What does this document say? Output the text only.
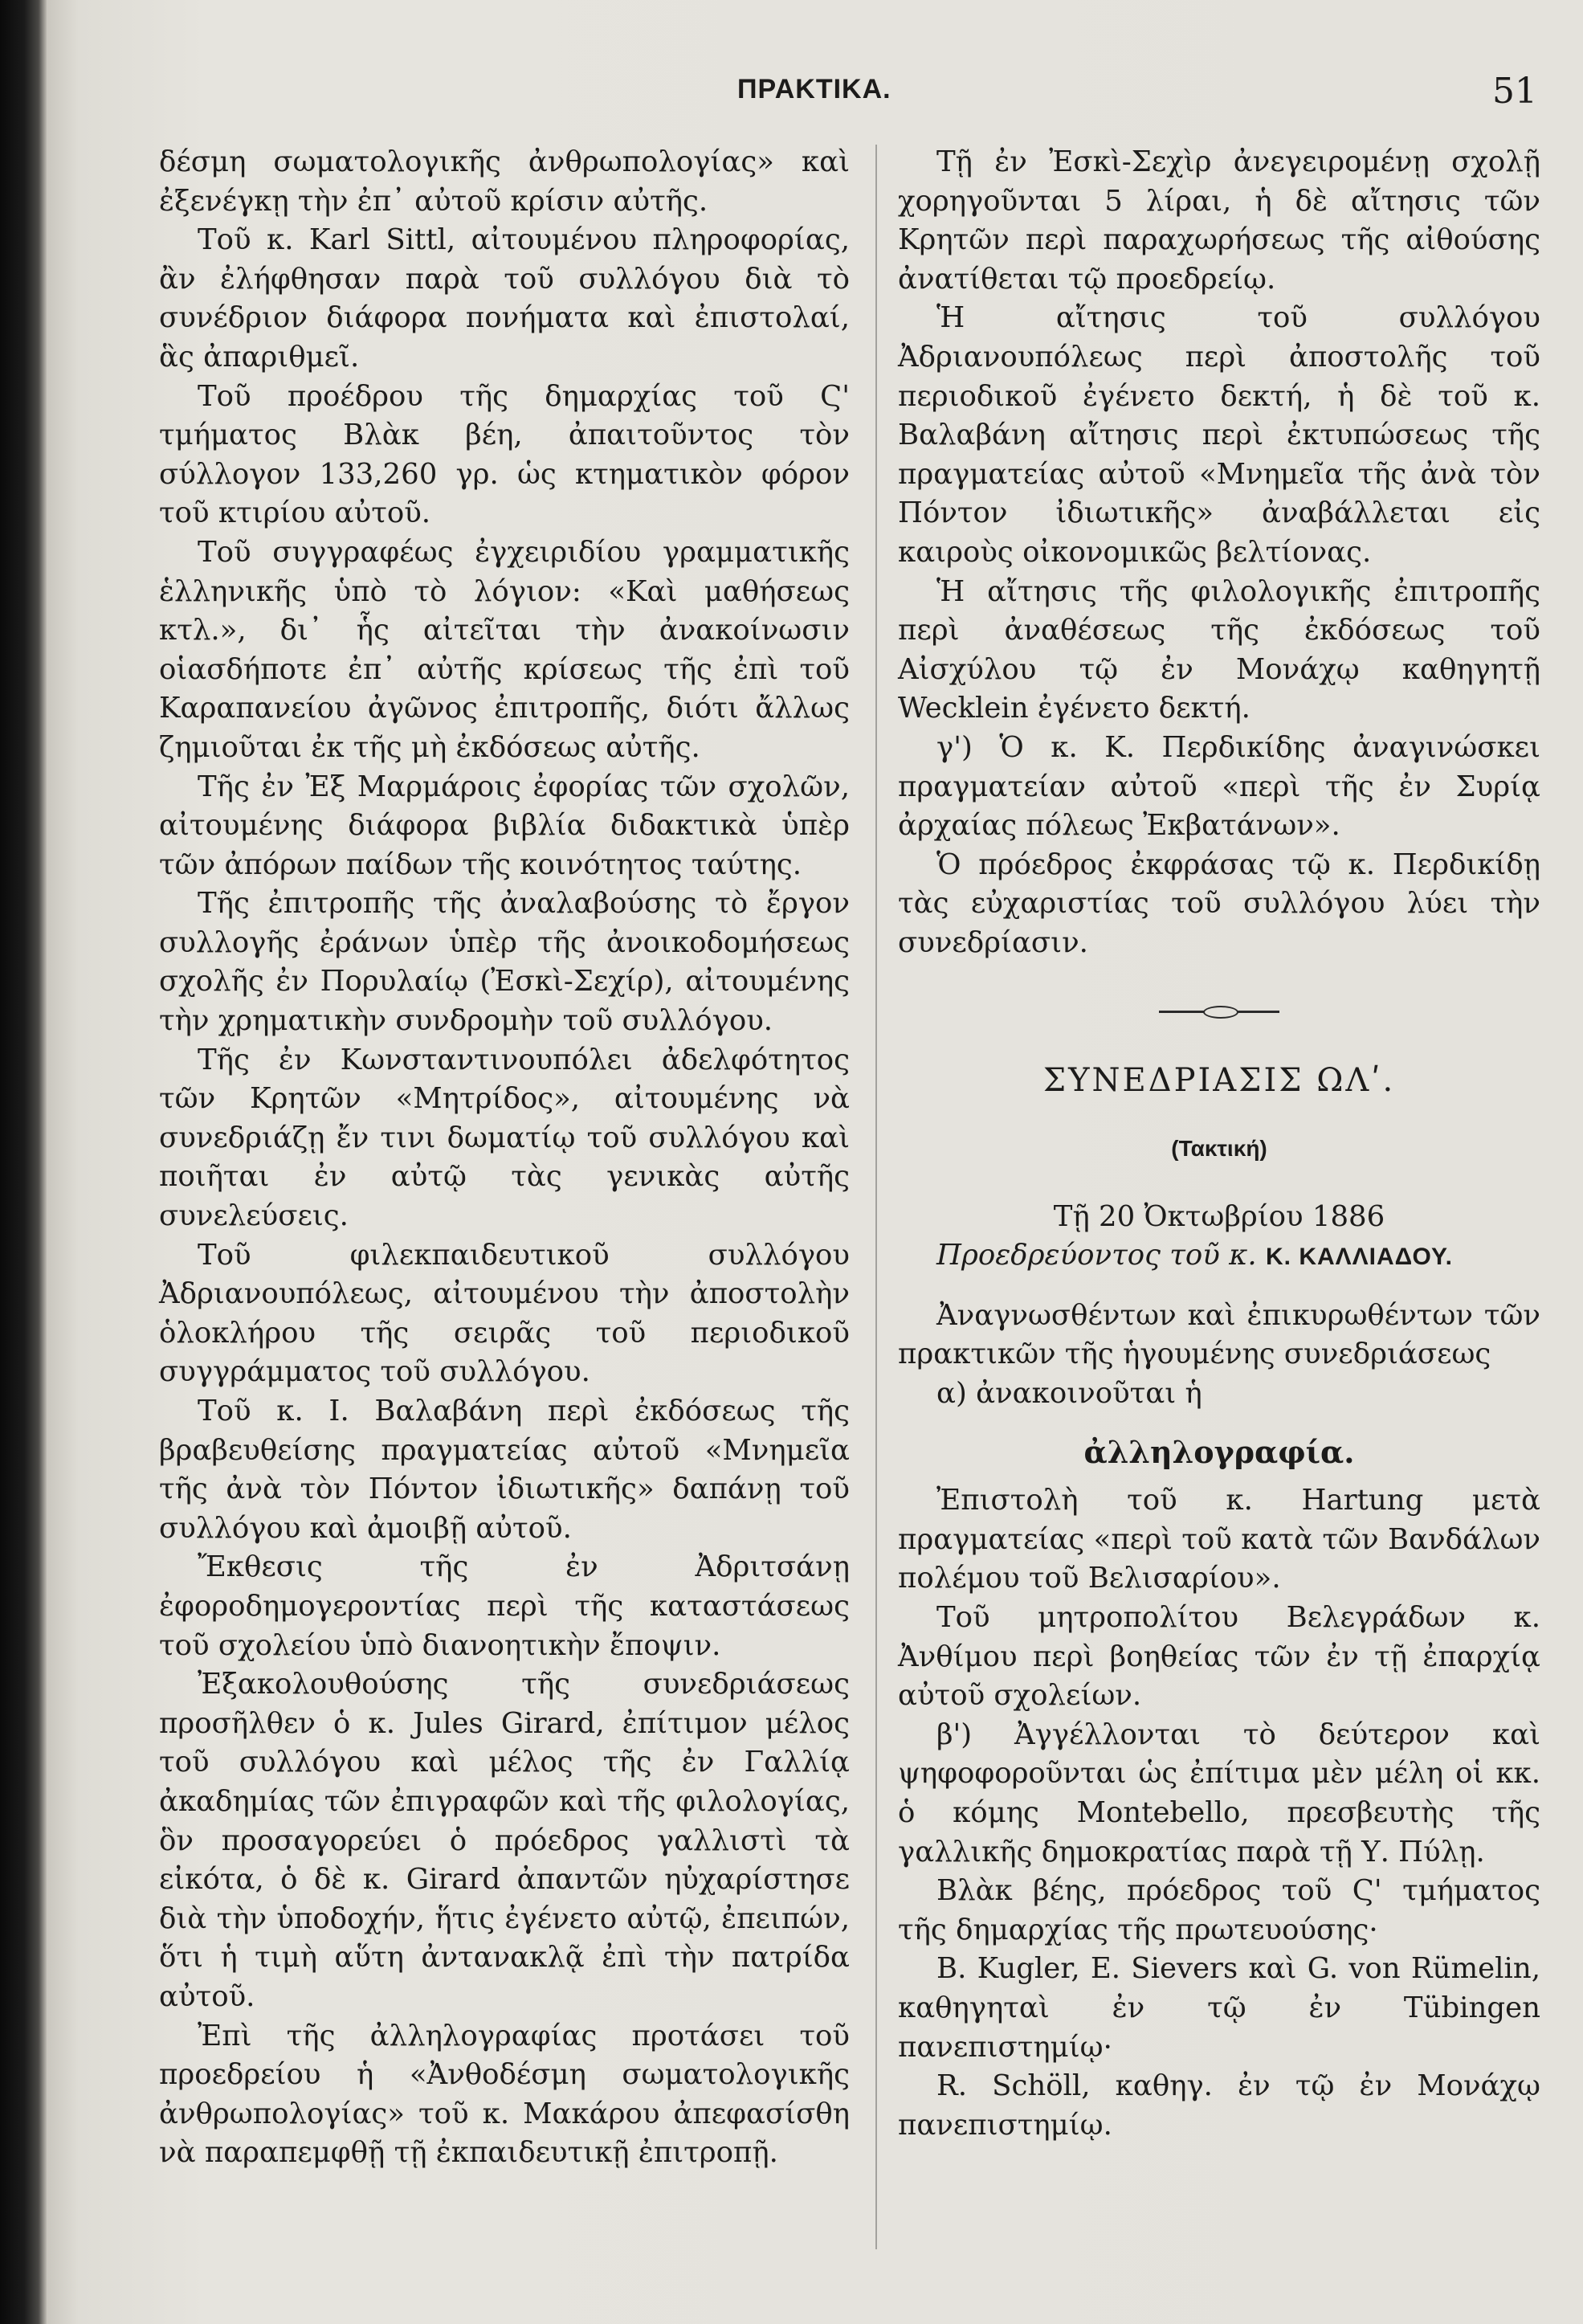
ΠΡΑΚΤΙΚΑ.	51

δέσμη σωματολογικῆς ἀνθρωπολογίας» καὶ ἐξενέγκῃ τὴν ἐπ᾽ αὐτοῦ κρίσιν αὐτῆς.

Τοῦ κ. Karl Sittl, αἰτουμένου πληροφορίας, ἂν ἐλήφθησαν παρὰ τοῦ συλλόγου διὰ τὸ συνέδριον διάφορα πονήματα καὶ ἐπιστολαί, ἃς ἀπαριθμεῖ.

Τοῦ προέδρου τῆς δημαρχίας τοῦ Ϛ' τμήματος Βλὰκ βέη, ἀπαιτοῦντος τὸν σύλλογον 133,260 γρ. ὡς κτηματικὸν φόρον τοῦ κτιρίου αὐτοῦ.

Τοῦ συγγραφέως ἐγχειριδίου γραμματικῆς ἑλληνικῆς ὑπὸ τὸ λόγιον: «Καὶ μαθήσεως κτλ.», δι᾽ ἧς αἰτεῖται τὴν ἀνακοίνωσιν οἱασδήποτε ἐπ᾽ αὐτῆς κρίσεως τῆς ἐπὶ τοῦ Καραπανείου ἀγῶνος ἐπιτροπῆς, διότι ἄλλως ζημιοῦται ἐκ τῆς μὴ ἐκδόσεως αὐτῆς.

Τῆς ἐν Ἐξ Μαρμάροις ἐφορίας τῶν σχολῶν, αἰτουμένης διάφορα βιβλία διδακτικὰ ὑπὲρ τῶν ἀπόρων παίδων τῆς κοινότητος ταύτης.

Τῆς ἐπιτροπῆς τῆς ἀναλαβούσης τὸ ἔργον συλλογῆς ἐράνων ὑπὲρ τῆς ἀνοικοδομήσεως σχολῆς ἐν Πορυλαίῳ (Ἐσκὶ-Σεχίρ), αἰτουμένης τὴν χρηματικὴν συνδρομὴν τοῦ συλλόγου.

Τῆς ἐν Κωνσταντινουπόλει ἀδελφότητος τῶν Κρητῶν «Μητρίδος», αἰτουμένης νὰ συνεδριάζῃ ἔν τινι δωματίῳ τοῦ συλλόγου καὶ ποιῆται ἐν αὐτῷ τὰς γενικὰς αὐτῆς συνελεύσεις.

Τοῦ φιλεκπαιδευτικοῦ συλλόγου Ἀδριανουπόλεως, αἰτουμένου τὴν ἀποστολὴν ὁλοκλήρου τῆς σειρᾶς τοῦ περιοδικοῦ συγγράμματος τοῦ συλλόγου.

Τοῦ κ. Ι. Βαλαβάνη περὶ ἐκδόσεως τῆς βραβευθείσης πραγματείας αὐτοῦ «Μνημεῖα τῆς ἀνὰ τὸν Πόντον ἰδιωτικῆς» δαπάνῃ τοῦ συλλόγου καὶ ἀμοιβῇ αὐτοῦ.

Ἔκθεσις τῆς ἐν Ἀδριτσάνῃ ἐφοροδημογεροντίας περὶ τῆς καταστάσεως τοῦ σχολείου ὑπὸ διανοητικὴν ἔποψιν.

Ἐξακολουθούσης τῆς συνεδριάσεως προσῆλθεν ὁ κ. Jules Girard, ἐπίτιμον μέλος τοῦ συλλόγου καὶ μέλος τῆς ἐν Γαλλίᾳ ἀκαδημίας τῶν ἐπιγραφῶν καὶ τῆς φιλολογίας, ὃν προσαγορεύει ὁ πρόεδρος γαλλιστὶ τὰ εἰκότα, ὁ δὲ κ. Girard ἀπαντῶν ηὐχαρίστησε διὰ τὴν ὑποδοχήν, ἥτις ἐγένετο αὐτῷ, ἐπειπών, ὅτι ἡ τιμὴ αὕτη ἀντανακλᾷ ἐπὶ τὴν πατρίδα αὐτοῦ.

Ἐπὶ τῆς ἀλληλογραφίας προτάσει τοῦ προεδρείου ἡ «Ἀνθοδέσμη σωματολογικῆς ἀνθρωπολογίας» τοῦ κ. Μακάρου ἀπεφασίσθη νὰ παραπεμφθῇ τῇ ἐκπαιδευτικῇ ἐπιτροπῇ.

Τῇ ἐν Ἐσκὶ-Σεχὶρ ἀνεγειρομένῃ σχολῇ χορηγοῦνται 5 λίραι, ἡ δὲ αἴτησις τῶν Κρητῶν περὶ παραχωρήσεως τῆς αἰθούσης ἀνατίθεται τῷ προεδρείῳ.

Ἡ αἴτησις τοῦ συλλόγου Ἀδριανουπόλεως περὶ ἀποστολῆς τοῦ περιοδικοῦ ἐγένετο δεκτή, ἡ δὲ τοῦ κ. Βαλαβάνη αἴτησις περὶ ἐκτυπώσεως τῆς πραγματείας αὐτοῦ «Μνημεῖα τῆς ἀνὰ τὸν Πόντον ἰδιωτικῆς» ἀναβάλλεται εἰς καιροὺς οἰκονομικῶς βελτίονας.

Ἡ αἴτησις τῆς φιλολογικῆς ἐπιτροπῆς περὶ ἀναθέσεως τῆς ἐκδόσεως τοῦ Αἰσχύλου τῷ ἐν Μονάχῳ καθηγητῇ Wecklein ἐγένετο δεκτή.

γ') Ὁ κ. Κ. Περδικίδης ἀναγινώσκει πραγματείαν αὐτοῦ «περὶ τῆς ἐν Συρίᾳ ἀρχαίας πόλεως Ἐκβατάνων».

Ὁ πρόεδρος ἐκφράσας τῷ κ. Περδικίδῃ τὰς εὐχαριστίας τοῦ συλλόγου λύει τὴν συνεδρίασιν.

ΣΥΝΕΔΡΙΑΣΙΣ ΩΛʹ.
(Τακτική)
Τῇ 20 Ὀκτωβρίου 1886

Προεδρεύοντος τοῦ κ. Κ. ΚΑΛΛΙΑΔΟΥ.

Ἀναγνωσθέντων καὶ ἐπικυρωθέντων τῶν πρακτικῶν τῆς ἡγουμένης συνεδριάσεως

α) ἀνακοινοῦται ἡ

ἀλληλογραφία.

Ἐπιστολὴ τοῦ κ. Hartung μετὰ πραγματείας «περὶ τοῦ κατὰ τῶν Βανδάλων πολέμου τοῦ Βελισαρίου».

Τοῦ μητροπολίτου Βελεγράδων κ. Ἀνθίμου περὶ βοηθείας τῶν ἐν τῇ ἐπαρχίᾳ αὐτοῦ σχολείων.

β') Ἀγγέλλονται τὸ δεύτερον καὶ ψηφοφοροῦνται ὡς ἐπίτιμα μὲν μέλη οἱ κκ. ὁ κόμης Montebello, πρεσβευτὴς τῆς γαλλικῆς δημοκρατίας παρὰ τῇ Υ. Πύλῃ.

Βλὰκ βέης, πρόεδρος τοῦ Ϛ' τμήματος τῆς δημαρχίας τῆς πρωτευούσης·

B. Kugler, E. Sievers καὶ G. von Rümelin, καθηγηταὶ ἐν τῷ ἐν Tübingen πανεπιστημίῳ·

R. Schöll, καθηγ. ἐν τῷ ἐν Μονάχῳ πανεπιστημίῳ.
